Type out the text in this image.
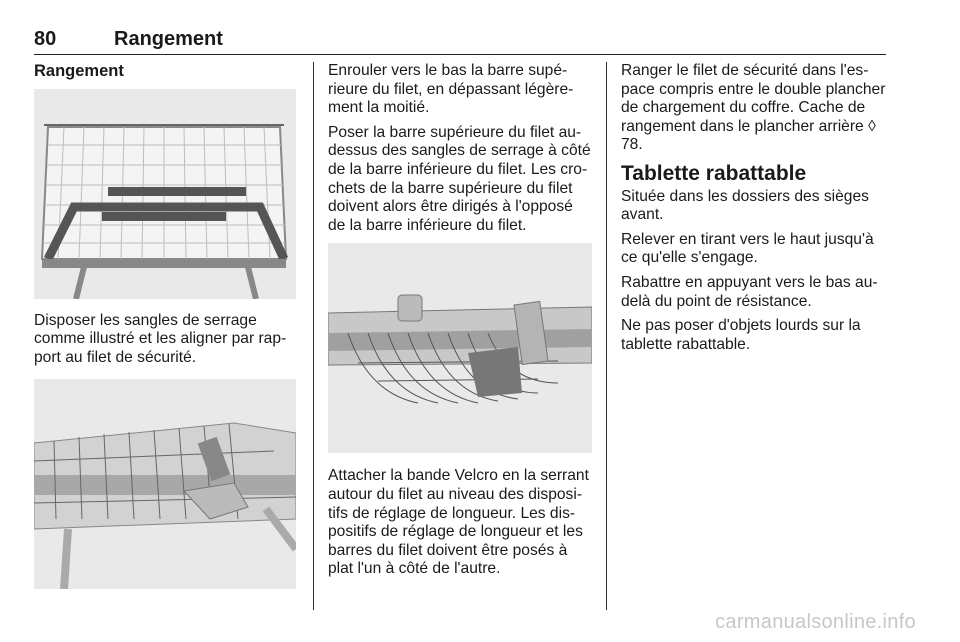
80	Rangement
Rangement

Disposer les sangles de serrage comme illustré et les aligner par rapport au filet de sécurité.

Enrouler vers le bas la barre supérieure du filet, en dépassant légèrement la moitié.

Poser la barre supérieure du filet au-dessus des sangles de serrage à côté de la barre inférieure du filet. Les crochets de la barre supérieure du filet doivent alors être dirigés à l'opposé de la barre inférieure du filet.

Attacher la bande Velcro en la serrant autour du filet au niveau des dispositifs de réglage de longueur. Les dispositifs de réglage de longueur et les barres du filet doivent être posés à plat l'un à côté de l'autre.

Ranger le filet de sécurité dans l'espace compris entre le double plancher de chargement du coffre. Cache de rangement dans le plancher arrière ◊ 78.

Tablette rabattable

Située dans les dossiers des sièges avant.

Relever en tirant vers le haut jusqu'à ce qu'elle s'engage.

Rabattre en appuyant vers le bas au-delà du point de résistance.

Ne pas poser d'objets lourds sur la tablette rabattable.

carmanualsonline.info
